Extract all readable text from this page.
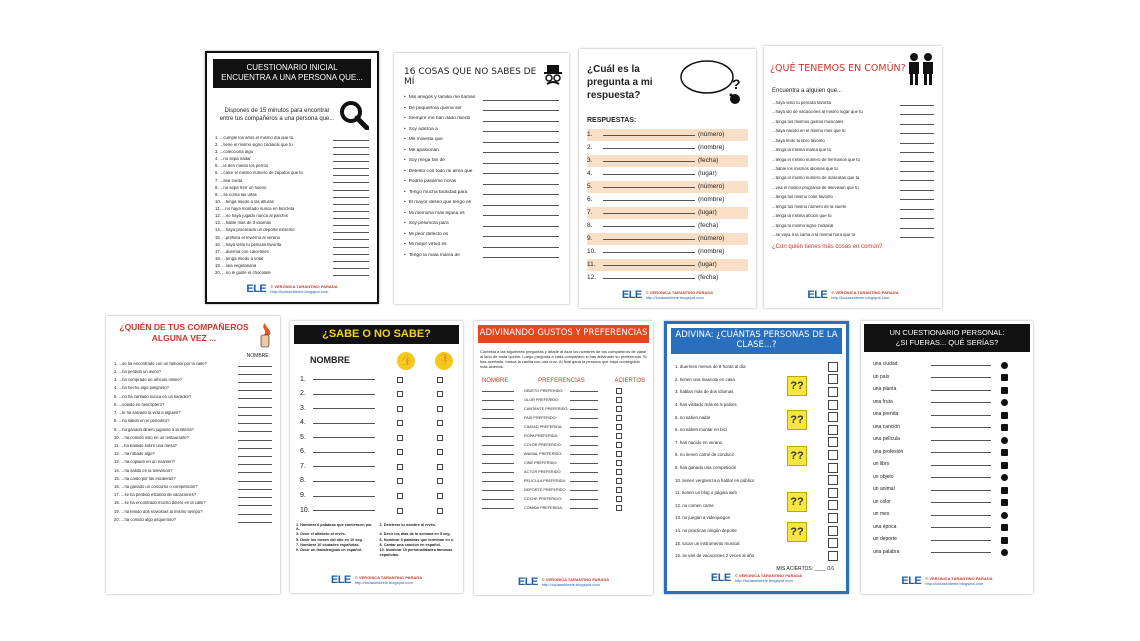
CUESTIONARIO INICIAL
ENCUENTRA A UNA PERSONA QUE...
Dispones de 15 minutos para encontrar entre tus compañeros a una persona que...
1. ...cumple los años el mismo día que tú.
2. ...tiene el mismo signo zodiacal que tú
3. ...colecciona algo
4. ...no sepa nadar
5. ...le den miedo los perros
6. ...calce el mismo número de zapatos que tú
7. ...sea zurda
8. ...no sepa freír un huevo
9. ...se coma las uñas
10. ...tenga miedo a las alturas
11. ...no haya montado nunca en bicicleta
12. ...no haya jugado nunca al parchís
13. ...hable más de 3 idiomas
14. ...haya practicado un deporte extremo
15. ...prefiera el invierno al verano
16. ...haya visto tu película favorita
17. ...duerma con calcetines
18. ...tenga miedo a volar
19. ...sea vegetariana
20. ...no le guste el chocolate
ELE © VERONICA TARANTINO PARADA
http://luciaseldeele.blogspot.com
16 COSAS QUE NO SABES DE MÍ
• Mis amigos y familia me llaman
• De pequeño/a quería ser
• Siempre me han dado miedo
• Soy adictoa a
• Me molesta que
• Me apasionan
• Soy mega fan de
• Detesto con todo mi alma que
• Podría pasarme horas
• Tengo mucha facilidad para
• El mayor deseo que tengo es
• Mi memoria más lejana es
• Soy pésimo/a para
• Mi peor defecto es
• Mi mejor virtud es
• Tengo la mala manía de
¿Cuál es la pregunta a mi respuesta?
?
RESPUESTAS:
1.	(número)
2.	(nombre)
3.	(fecha)
4.	(lugar)
5.	(número)
6.	(nombre)
7.	(lugar)
8.	(fecha)
9.	(número)
10.	(nombre)
11.	(lugar)
12.	(fecha)
ELE © VERONICA TARANTINO PARADA
http://luciaseldeele.blogspot.com
¿QUÉ TENEMOS EN COMÚN?
Encuentra a alguien que...
...haya visto tu película favorita
...haya ido de vacaciones al mismo lugar que tú
...tenga tus mismos gustos musicales
...haya nacido en el mismo mes que tú
...haya leído tu libro favorito
...tenga la misma manía que tú
...tenga el mismo número de hermanos que tú
...hable los mismos idiomas que tú
...tenga el mismo número de mascotas que tú
...vea el mismo programa de televisión que tú
...tenga tus mismo color favorito
...tenga tus mismo número de la suerte
...tenga la misma afición que tú
...tenga tu mismo signo zodiacal
...se vaya a la cama a la misma hora que tú
¿Con quién tienes más cosas en común?
ELE © VERONICA TARANTINO PARADA
http://luciaseldeele.blogspot.com
¿QUIÉN DE TUS COMPAÑEROS
ALGUNA VEZ ...
NOMBRE:
1. ...se ha encontrado con un famoso por la calle?
2. ...ha perdido un avión?
3. ...ha comprado un artículo online?
4. ...ha hecho algo peligroso?
5. ...no ha cantado nunca en un karaoke?
6. ...volado en helicóptero?
7. ...le ha salvado la vida a alguien?
8. ...ha salido en el periódico?
9. ...ha ganado dinero jugando a la lotería?
10. ...ha comido solo en un restaurante?
11. ...ha bailado sobre una mesa?
12. ...ha robado algo?
13. ...ha copiado en un examen?
14. ...ha salido en la televisión?
15. ...ha caído por las escaleras?
16. ...ha ganado un concurso o competición?
17. ...se ha perdido estando de vacaciones?
18. ...se ha encontrado mucho dinero en la calle?
19. ...ha tenido dos novios/as al mismo tiempo?
20. ...ha comido algo asqueroso?
¿SABE O NO SABE?
NOMBRE	👍	👎
1.
2.
3.
4.
5.
6.
7.
8.
9.
10.
1. Nombrar 6 palabras que comiencen por A.
2. Deletrear tu nombre al revés.
3. Decir el alfabeto al revés.	4. Decir los días de la semana en 5 seg.
5. Decir los meses del año en 10 seg.	6. Nombrar 5 palabras que terminan en s.
7. Nombrar 10 ciudades españolas.	8. Cantar una canción en español.
9. Decir un trabalenguas en español.	10. Nombrar 10 personalidades famosas españolas.
ELE © VERONICA TARANTINO PARADA
http://luciaseldeele.blogspot.com
ADIVINANDO GUSTOS Y PREFERENCIAS
Contesta a las siguientes preguntas y añade al azar los nombres de tus compañeros de clase al lado de cada opción. Luego pregunta a cada compañero si has adivinado su preferencia. Si has acertado, marca la casilla con una cruz. Al final gana la persona que haya conseguido más aciertos.
NOMBRE	PREFERENCIAS	ACIERTOS
OBJETO PREFERIDO:
OLOR PREFERIDO:
CANTANTE PREFERIDO:
PAÍS PREFERIDO:
CIUDAD PREFERIDA:
ROPA PREFERIDA:
COLOR PREFERIDO:
ANIMAL PREFERIDO:
CINE PREFERIDO:
ACTOR PREFERIDO:
PELÍCULA PREFERIDA:
DEPORTE PREFERIDO:
COCHE PREFERIDO:
COMIDA PREFERIDA:
ELE © VERONICA TARANTINO PARADA
http://luciaseldeele.blogspot.com
ADIVINA: ¿CUÁNTAS PERSONAS DE LA CLASE...?
1. duermen menos de 8 horas al día
2. tienen una mascota en casa
3. hablan más de dos idiomas
4. han visitado más de 5 países
5. no saben nadar
6. no saben montar en bici
7. han nacido en verano
8. no tienen carné de conducir
9. han ganado una competición
10. tienen vergüenza a hablar en público
11. tienen un blog o página web
12. no comen carne
13. no juegan a videojuegos
14. no practican ningún deporte
15. tocan un instrumento musical
16. se van de vacaciones 2 veces al año
??
??
??
??
??
MIS ACIERTOS: ____ /16
ELE © VERONICA TARANTINO PARADA
http://luciaseldeele.blogspot.com
UN CUESTIONARIO PERSONAL:
¿SI FUERAS... QUÉ SERÍAS?
una ciudad
un país
una planta
una fruta
una prenda
una canción
una película
una profesión
un libro
un objeto
un animal
un color
un mes
una época
un deporte
una palabra
ELE © VERONICA TARANTINO PARADA
http://luciaseldeele.blogspot.com
